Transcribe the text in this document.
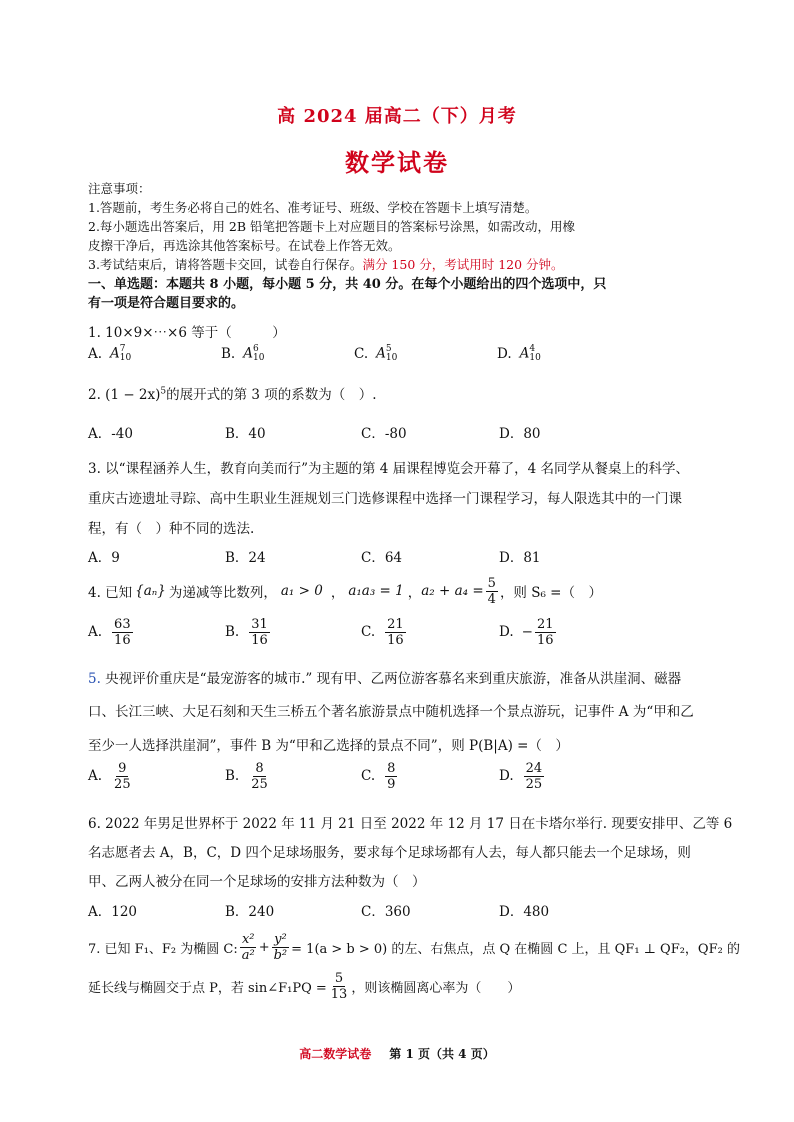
高 2024 届高二（下）月考
数学试卷
注意事项：
1.答题前，考生务必将自己的姓名、准考证号、班级、学校在答题卡上填写清楚。
2.每小题选出答案后，用 2B 铅笔把答题卡上对应题目的答案标号涂黑，如需改动，用橡
皮擦干净后，再选涂其他答案标号。在试卷上作答无效。
3.考试结束后，请将答题卡交回，试卷自行保存。满分 150 分，考试用时 120 分钟。
一、单选题：本题共 8 小题，每小题 5 分，共 40 分。在每个小题给出的四个选项中，只
有一项是符合题目要求的。
1. 10×9×⋯×6 等于（　　　）
A. A 7
10	B. A 6
10	C. A 5
10	D. A 4
10
2. $(1 - 2x)^5$的展开式的第 3 项的系数为（　）.
A．-40	B．40	C．-80	D．80
3. 以“课程涵养人生，教育向美而行”为主题的第 4 届课程博览会开幕了，4 名同学从餐桌上的科学、
重庆古迹遗址寻踪、高中生职业生涯规划三门选修课程中选择一门课程学习，每人限选其中的一门课
程，有（　）种不同的选法.
A．9	B．24	C．64	D．81
4. 已知 {aₙ} 为递减等比数列， a₁ > 0 ， a₁a₃ = 1 ， $a_2 + a_4 = \frac{5}{4}$ ，则 S₆ =（　）
A. $\frac{63}{16}$	B. $\frac{31}{16}$	C. $\frac{21}{16}$	D. − $\frac{21}{16}$
5. 央视评价重庆是“最宠游客的城市.” 现有甲、乙两位游客慕名来到重庆旅游，准备从洪崖洞、磁器
口、长江三峡、大足石刻和天生三桥五个著名旅游景点中随机选择一个景点游玩，记事件 A 为“甲和乙
至少一人选择洪崖洞”，事件 B 为“甲和乙选择的景点不同”，则 P(B|A) =（　）
A. $\frac{9}{25}$	B. $\frac{8}{25}$	C. $\frac{8}{9}$	D. $\frac{24}{25}$
6. 2022 年男足世界杯于 2022 年 11 月 21 日至 2022 年 12 月 17 日在卡塔尔举行. 现要安排甲、乙等 6
名志愿者去 A，B，C，D 四个足球场服务，要求每个足球场都有人去，每人都只能去一个足球场，则
甲、乙两人被分在同一个足球场的安排方法种数为（　）
A．120	B．240	C．360	D．480
7. 已知 F₁、F₂ 为椭圆 C: $\frac{\text{x²}}{\text{a²}} + \frac{\text{y²}}{\text{b²}} = 1(a > b > 0)$ 的左、右焦点，点 Q 在椭圆 C 上，且 QF₁ ⊥ QF₂，QF₂ 的
延长线与椭圆交于点 P，若 sin∠F₁PQ = $\frac{5}{13}$ ，则该椭圆离心率为（　　）
高二数学试卷 第 1 页（共 4 页）
